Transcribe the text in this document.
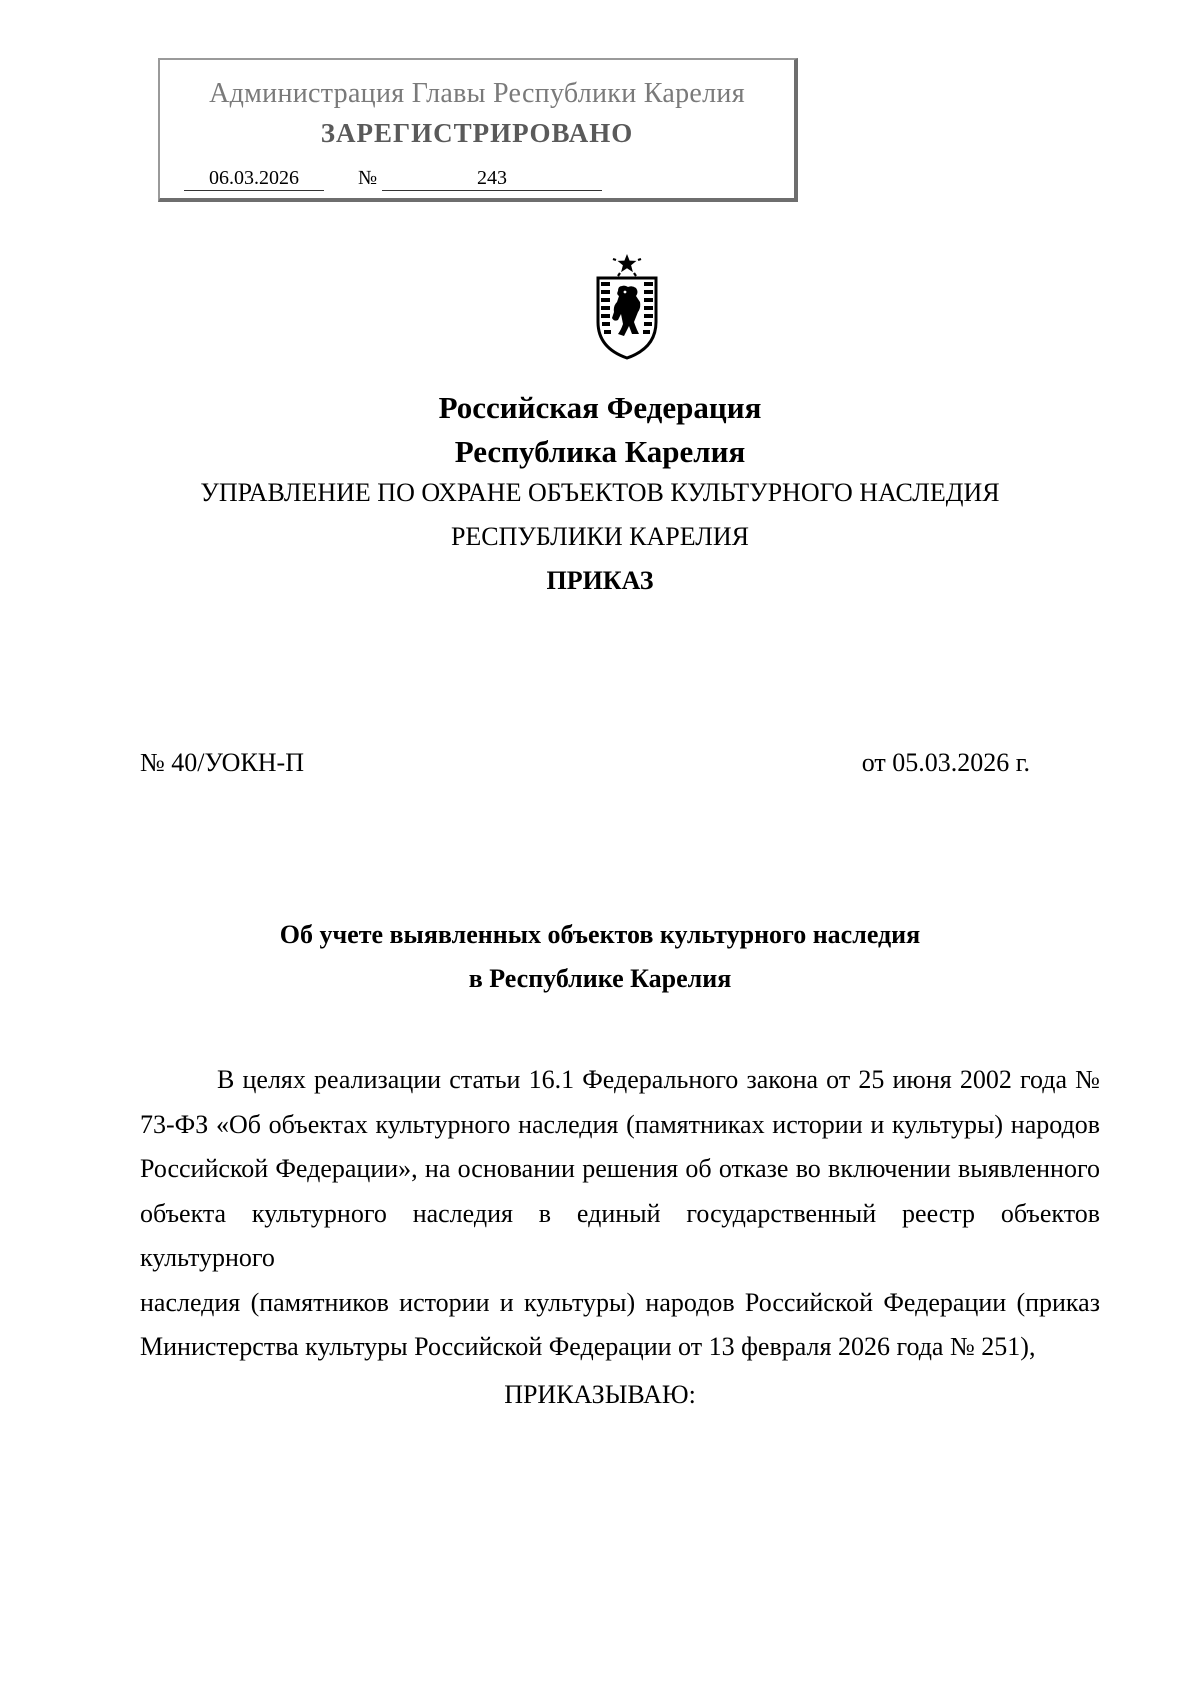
Администрация Главы Республики Карелия
ЗАРЕГИСТРИРОВАНО
06.03.2026	№	243
Российская Федерация
Республика Карелия
УПРАВЛЕНИЕ ПО ОХРАНЕ ОБЪЕКТОВ КУЛЬТУРНОГО НАСЛЕДИЯ
РЕСПУБЛИКИ КАРЕЛИЯ
ПРИКАЗ
№ 40/УОКН-П	от 05.03.2026 г.
Об учете выявленных объектов культурного наследия
в Республике Карелия
В целях реализации статьи 16.1 Федерального закона от 25 июня 2002 года №
73-ФЗ «Об объектах культурного наследия (памятниках истории и культуры) народов
Российской Федерации», на основании решения об отказе во включении выявленного
объекта культурного наследия в единый государственный реестр объектов культурного
наследия (памятников истории и культуры) народов Российской Федерации (приказ
Министерства культуры Российской Федерации от 13 февраля 2026 года № 251),
ПРИКАЗЫВАЮ:
